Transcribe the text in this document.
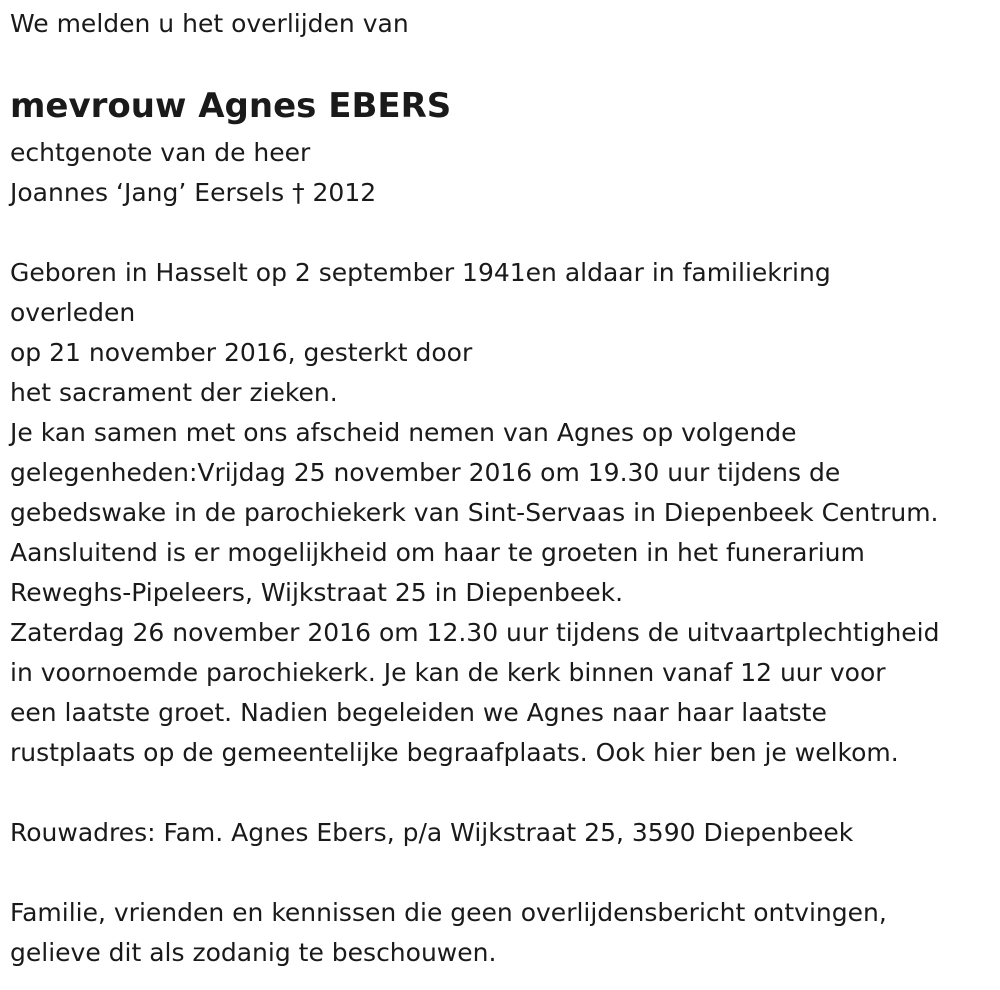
We melden u het overlijden van

mevrouw Agnes EBERS

echtgenote van de heer

Joannes ‘Jang’ Eersels † 2012

Geboren in Hasselt op 2 september 1941en aldaar in familiekring

overleden

op 21 november 2016, gesterkt door

het sacrament der zieken.

Je kan samen met ons afscheid nemen van Agnes op volgende

gelegenheden:Vrijdag 25 november 2016 om 19.30 uur tijdens de

gebedswake in de parochiekerk van Sint-Servaas in Diepenbeek Centrum.

Aansluitend is er mogelijkheid om haar te groeten in het funerarium

Reweghs-Pipeleers, Wijkstraat 25 in Diepenbeek.

Zaterdag 26 november 2016 om 12.30 uur tijdens de uitvaartplechtigheid

in voornoemde parochiekerk. Je kan de kerk binnen vanaf 12 uur voor

een laatste groet. Nadien begeleiden we Agnes naar haar laatste

rustplaats op de gemeentelijke begraafplaats. Ook hier ben je welkom.

Rouwadres: Fam. Agnes Ebers, p/a Wijkstraat 25, 3590 Diepenbeek

Familie, vrienden en kennissen die geen overlijdensbericht ontvingen,

gelieve dit als zodanig te beschouwen.
